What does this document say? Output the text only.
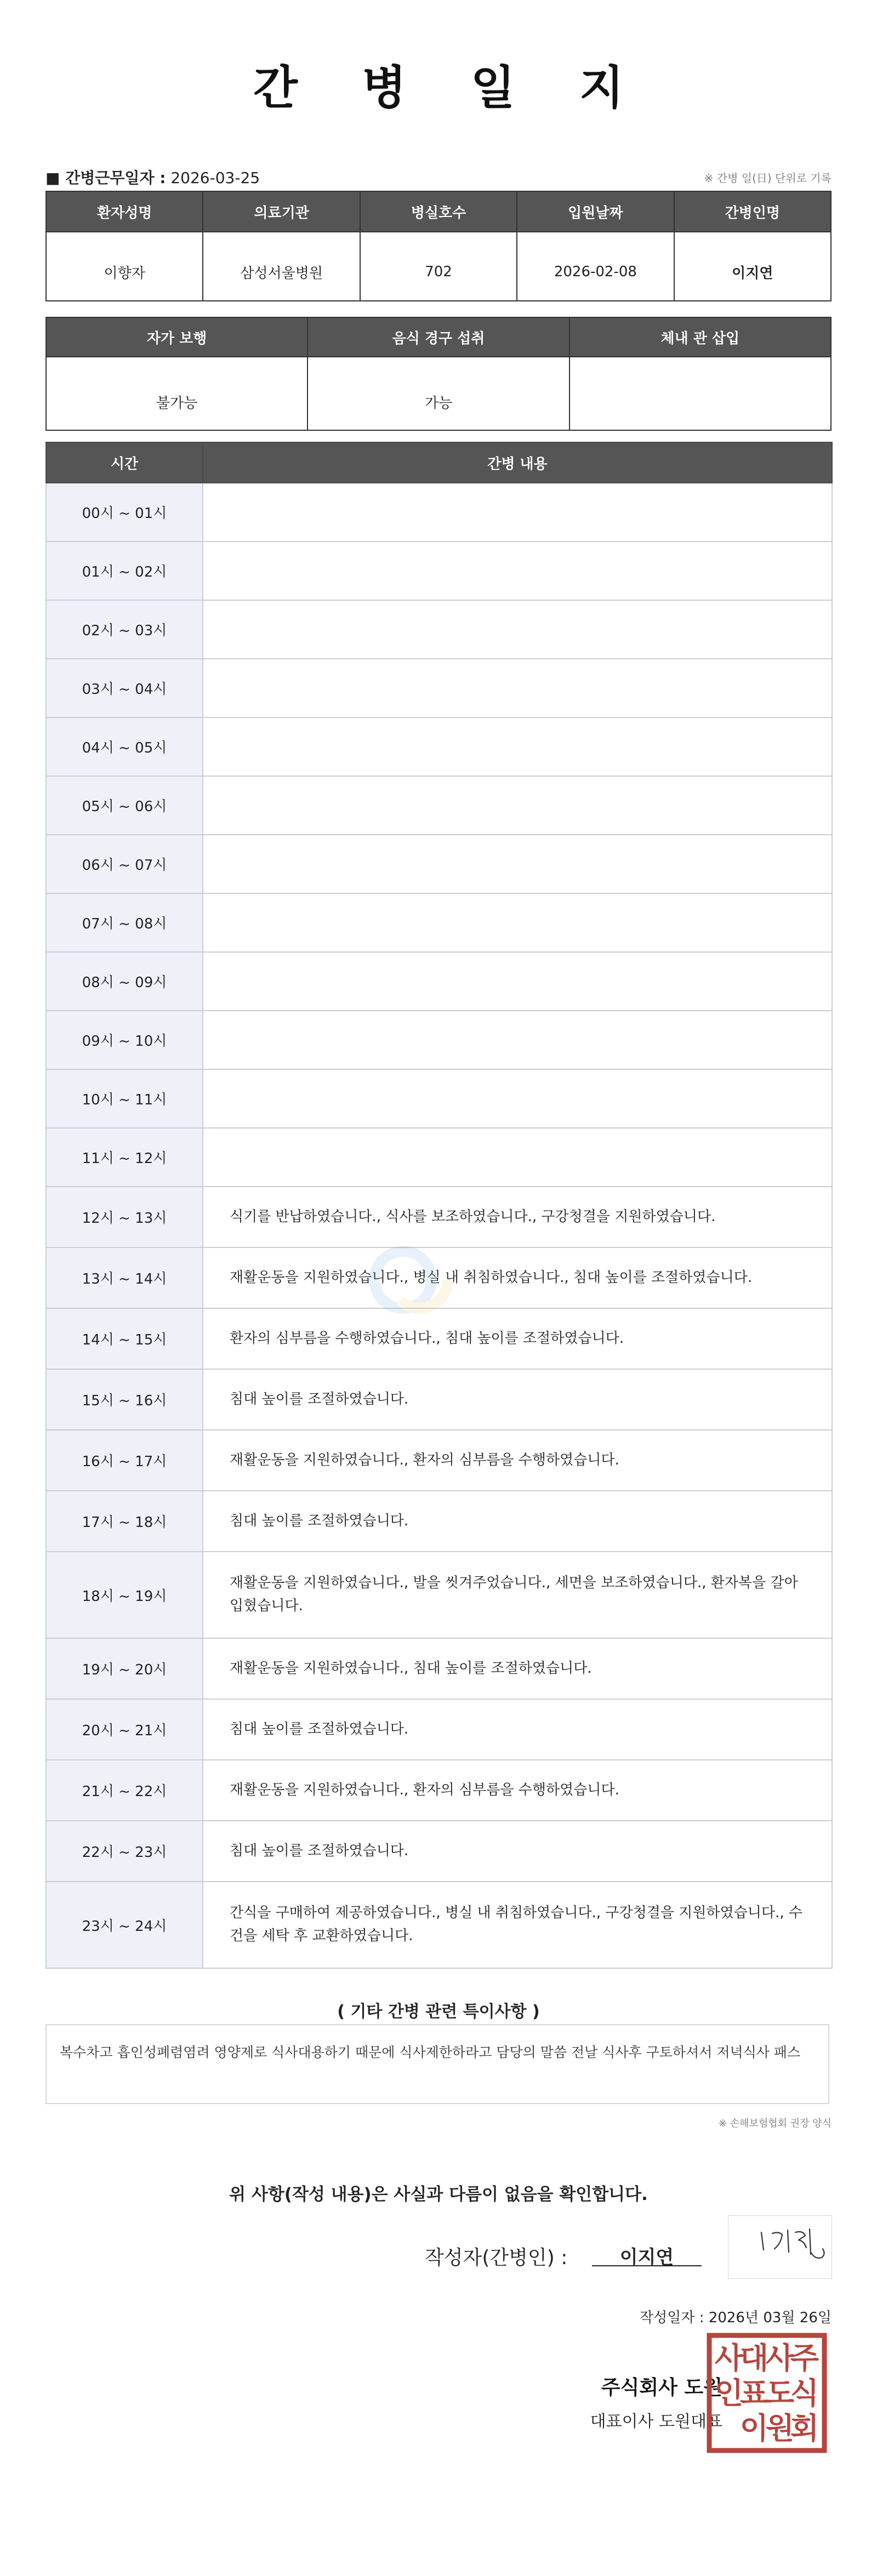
간 병 일 지
■ 간병근무일자 : 2026-03-25	※ 간병 일(日) 단위로 기록
환자성명	의료기관	병실호수	입원날짜	간병인명
이향자	삼성서울병원	702	2026-02-08	이지연
자가 보행	음식 경구 섭취	체내 관 삽입
불가능	가능	
시간	간병 내용
00시 ~ 01시	
01시 ~ 02시	
02시 ~ 03시	
03시 ~ 04시	
04시 ~ 05시	
05시 ~ 06시	
06시 ~ 07시	
07시 ~ 08시	
08시 ~ 09시	
09시 ~ 10시	
10시 ~ 11시	
11시 ~ 12시	
12시 ~ 13시	식기를 반납하였습니다., 식사를 보조하였습니다., 구강청결을 지원하였습니다.
13시 ~ 14시	재활운동을 지원하였습니다., 병실 내 취침하였습니다., 침대 높이를 조절하였습니다.
14시 ~ 15시	환자의 심부름을 수행하였습니다., 침대 높이를 조절하였습니다.
15시 ~ 16시	침대 높이를 조절하였습니다.
16시 ~ 17시	재활운동을 지원하였습니다., 환자의 심부름을 수행하였습니다.
17시 ~ 18시	침대 높이를 조절하였습니다.
18시 ~ 19시	재활운동을 지원하였습니다., 발을 씻겨주었습니다., 세면을 보조하였습니다., 환자복을 갈아입혔습니다.
19시 ~ 20시	재활운동을 지원하였습니다., 침대 높이를 조절하였습니다.
20시 ~ 21시	침대 높이를 조절하였습니다.
21시 ~ 22시	재활운동을 지원하였습니다., 환자의 심부름을 수행하였습니다.
22시 ~ 23시	침대 높이를 조절하였습니다.
23시 ~ 24시	간식을 구매하여 제공하였습니다., 병실 내 취침하였습니다., 구강청결을 지원하였습니다., 수건을 세탁 후 교환하였습니다.
( 기타 간병 관련 특이사항 )
복수차고 흡인성폐렴염려 영양제로 식사대용하기 때문에 식사제한하라고 담당의 말씀 전날 식사후 구토하셔서 저녁식사 패스
※ 손해보험협회 권장 양식
위 사항(작성 내용)은 사실과 다름이 없음을 확인합니다.
작성자(간병인) :	이지연
작성일자 : 2026년 03월 26일
주식회사 도원
대표이사 도원대표
주
식
회
사
도
원
대
표
이
사
인
